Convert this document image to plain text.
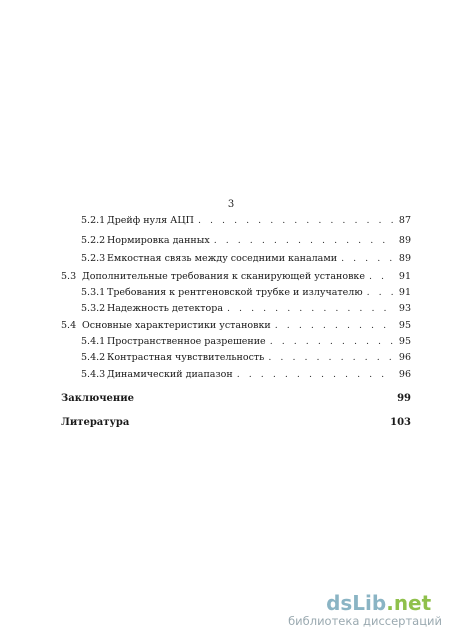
3
5.2.1 Дрейф нуля АЦП . . .	87
5.2.2 Нормировка данных . . .	89
5.2.3 Емкостная связь между соседними каналами . . .	89
5.3 Дополнительные требования к сканирующей установке . . .	91
5.3.1 Требования к рентгеновской трубке и излучателю . . .	91
5.3.2 Надежность детектора . . .	93
5.4 Основные характеристики установки . . .	95
5.4.1 Пространственное разрешение . . .	95
5.4.2 Контрастная чувствительность . . .	96
5.4.3 Динамический диапазон . . .	96
Заключение	99
Литература	103
dsLib.net
библиотека диссертаций
